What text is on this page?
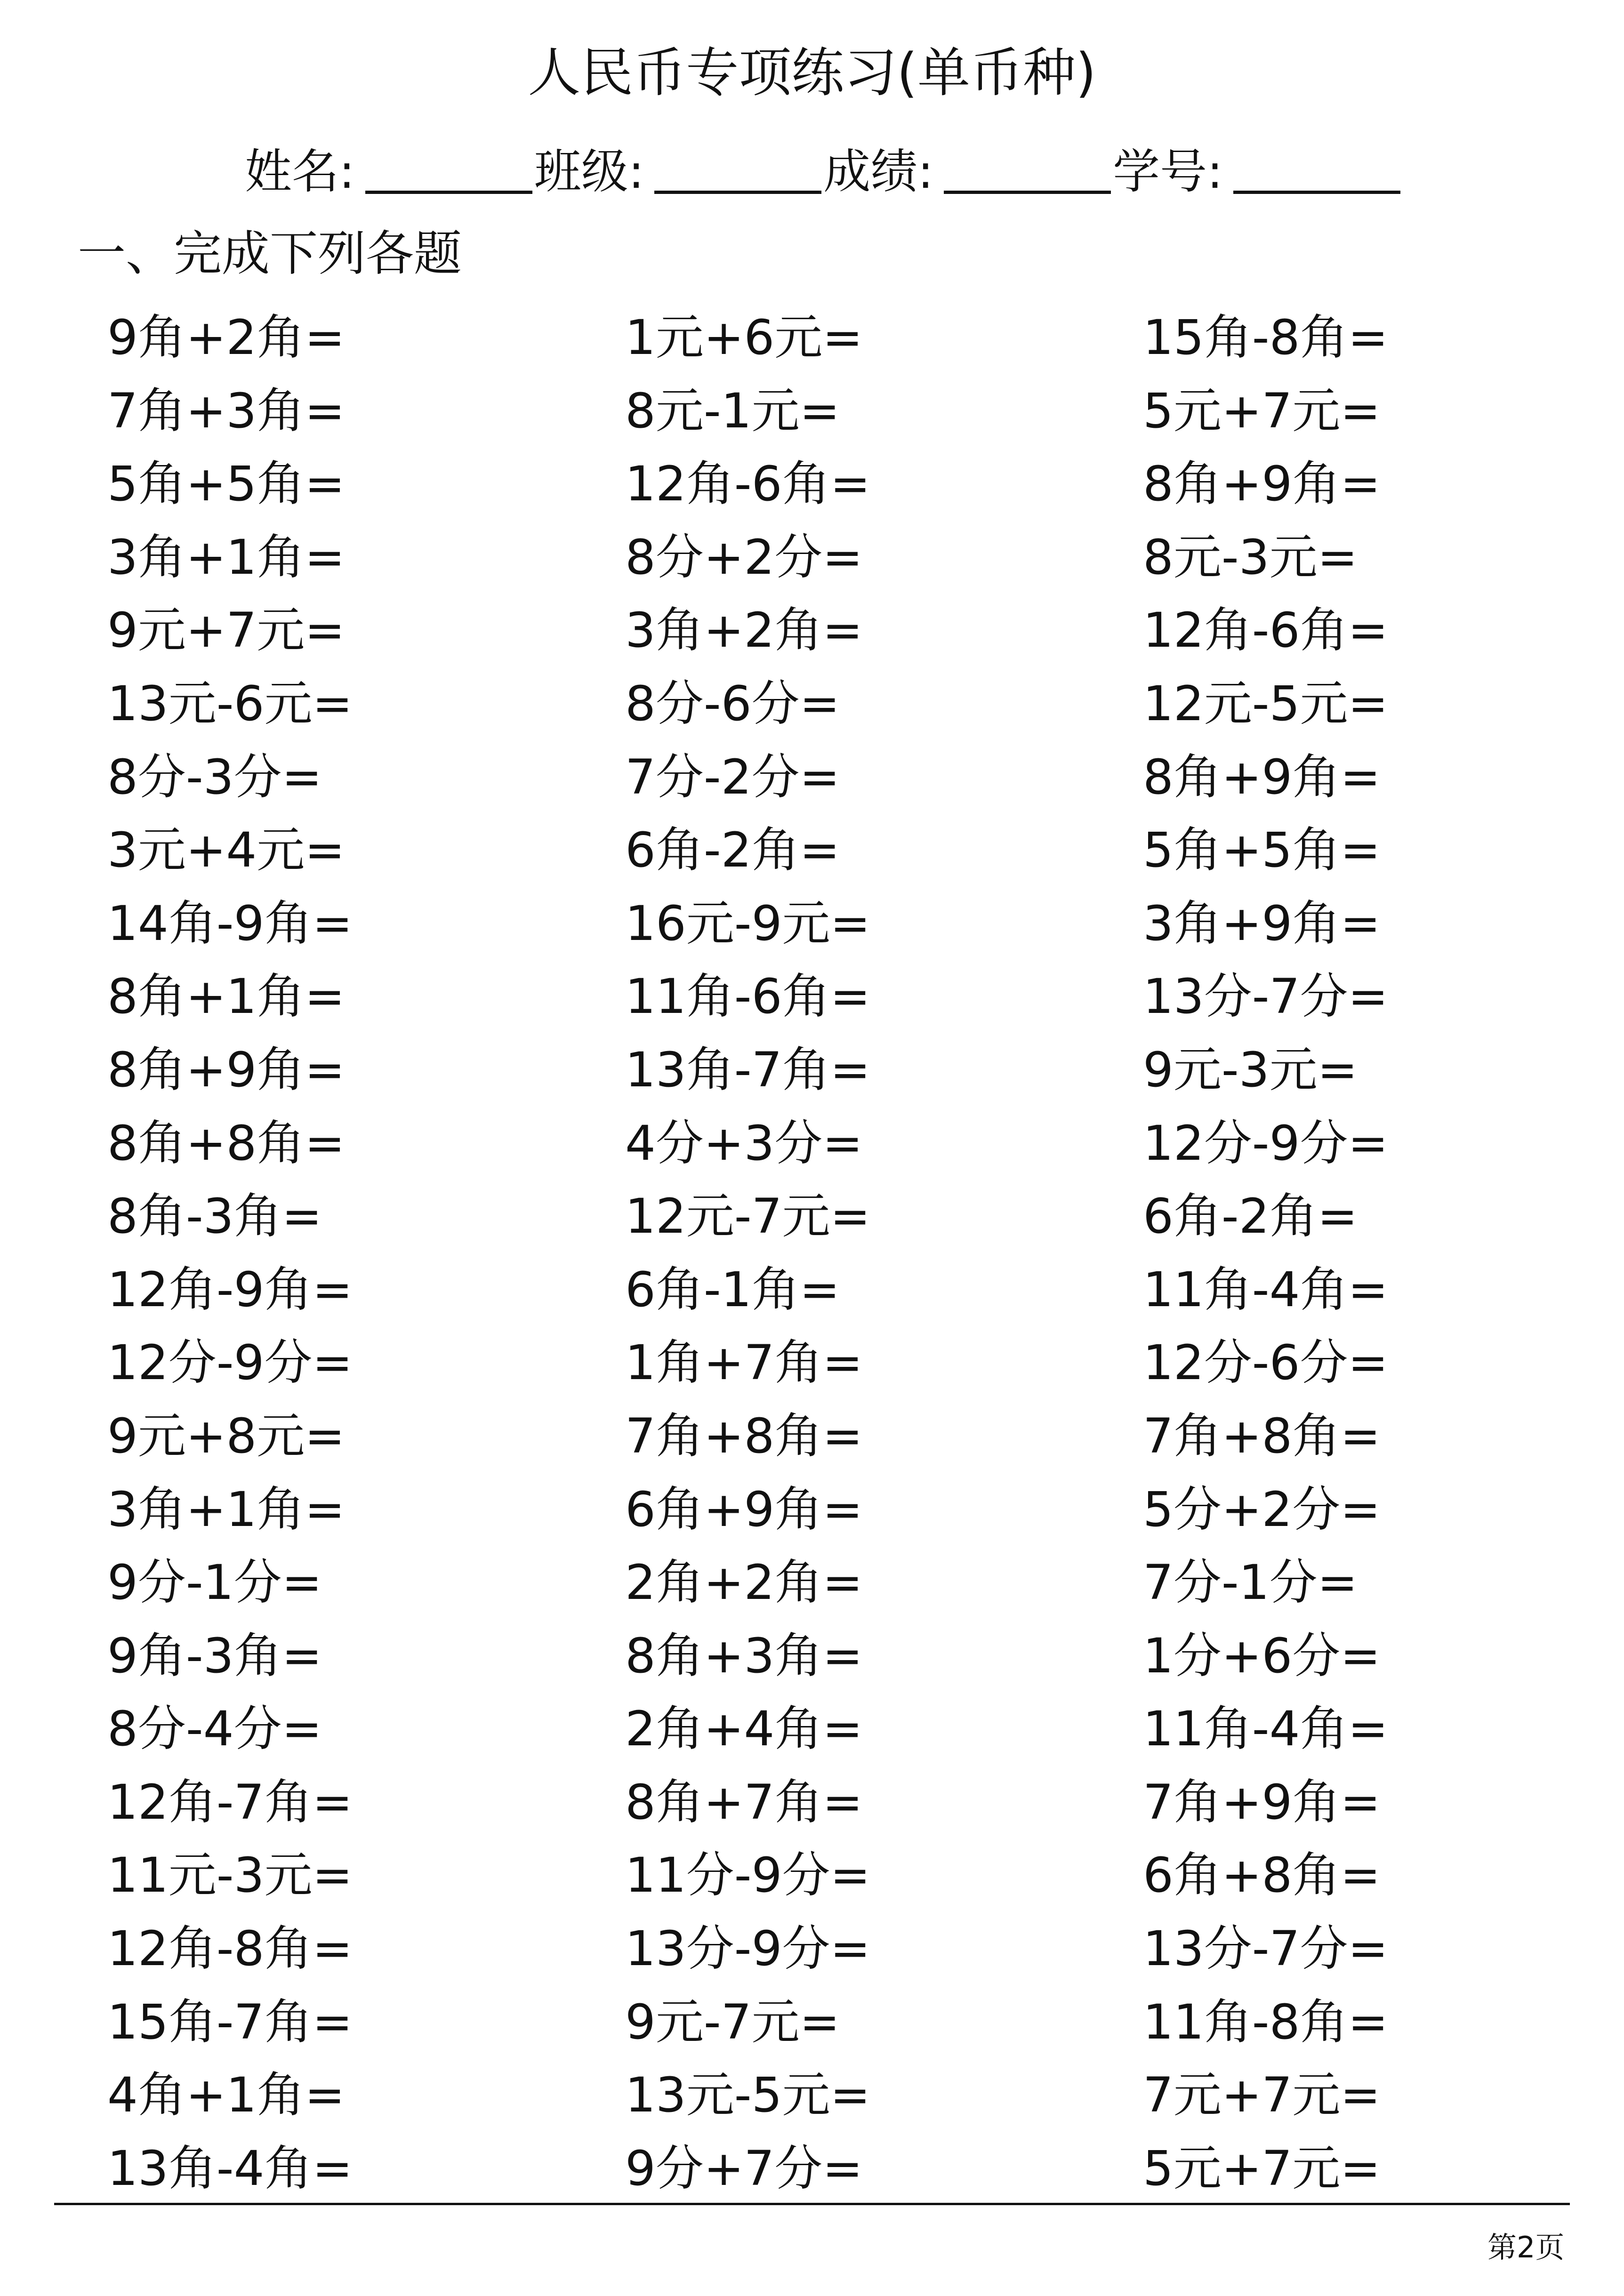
人民币专项练习(单币种)
姓名:	班级:	成绩:	学号:
一、完成下列各题
9角+2角=	1元+6元=	15角-8角=
7角+3角=	8元-1元=	5元+7元=
5角+5角=	12角-6角=	8角+9角=
3角+1角=	8分+2分=	8元-3元=
9元+7元=	3角+2角=	12角-6角=
13元-6元=	8分-6分=	12元-5元=
8分-3分=	7分-2分=	8角+9角=
3元+4元=	6角-2角=	5角+5角=
14角-9角=	16元-9元=	3角+9角=
8角+1角=	11角-6角=	13分-7分=
8角+9角=	13角-7角=	9元-3元=
8角+8角=	4分+3分=	12分-9分=
8角-3角=	12元-7元=	6角-2角=
12角-9角=	6角-1角=	11角-4角=
12分-9分=	1角+7角=	12分-6分=
9元+8元=	7角+8角=	7角+8角=
3角+1角=	6角+9角=	5分+2分=
9分-1分=	2角+2角=	7分-1分=
9角-3角=	8角+3角=	1分+6分=
8分-4分=	2角+4角=	11角-4角=
12角-7角=	8角+7角=	7角+9角=
11元-3元=	11分-9分=	6角+8角=
12角-8角=	13分-9分=	13分-7分=
15角-7角=	9元-7元=	11角-8角=
4角+1角=	13元-5元=	7元+7元=
13角-4角=	9分+7分=	5元+7元=
第2页
